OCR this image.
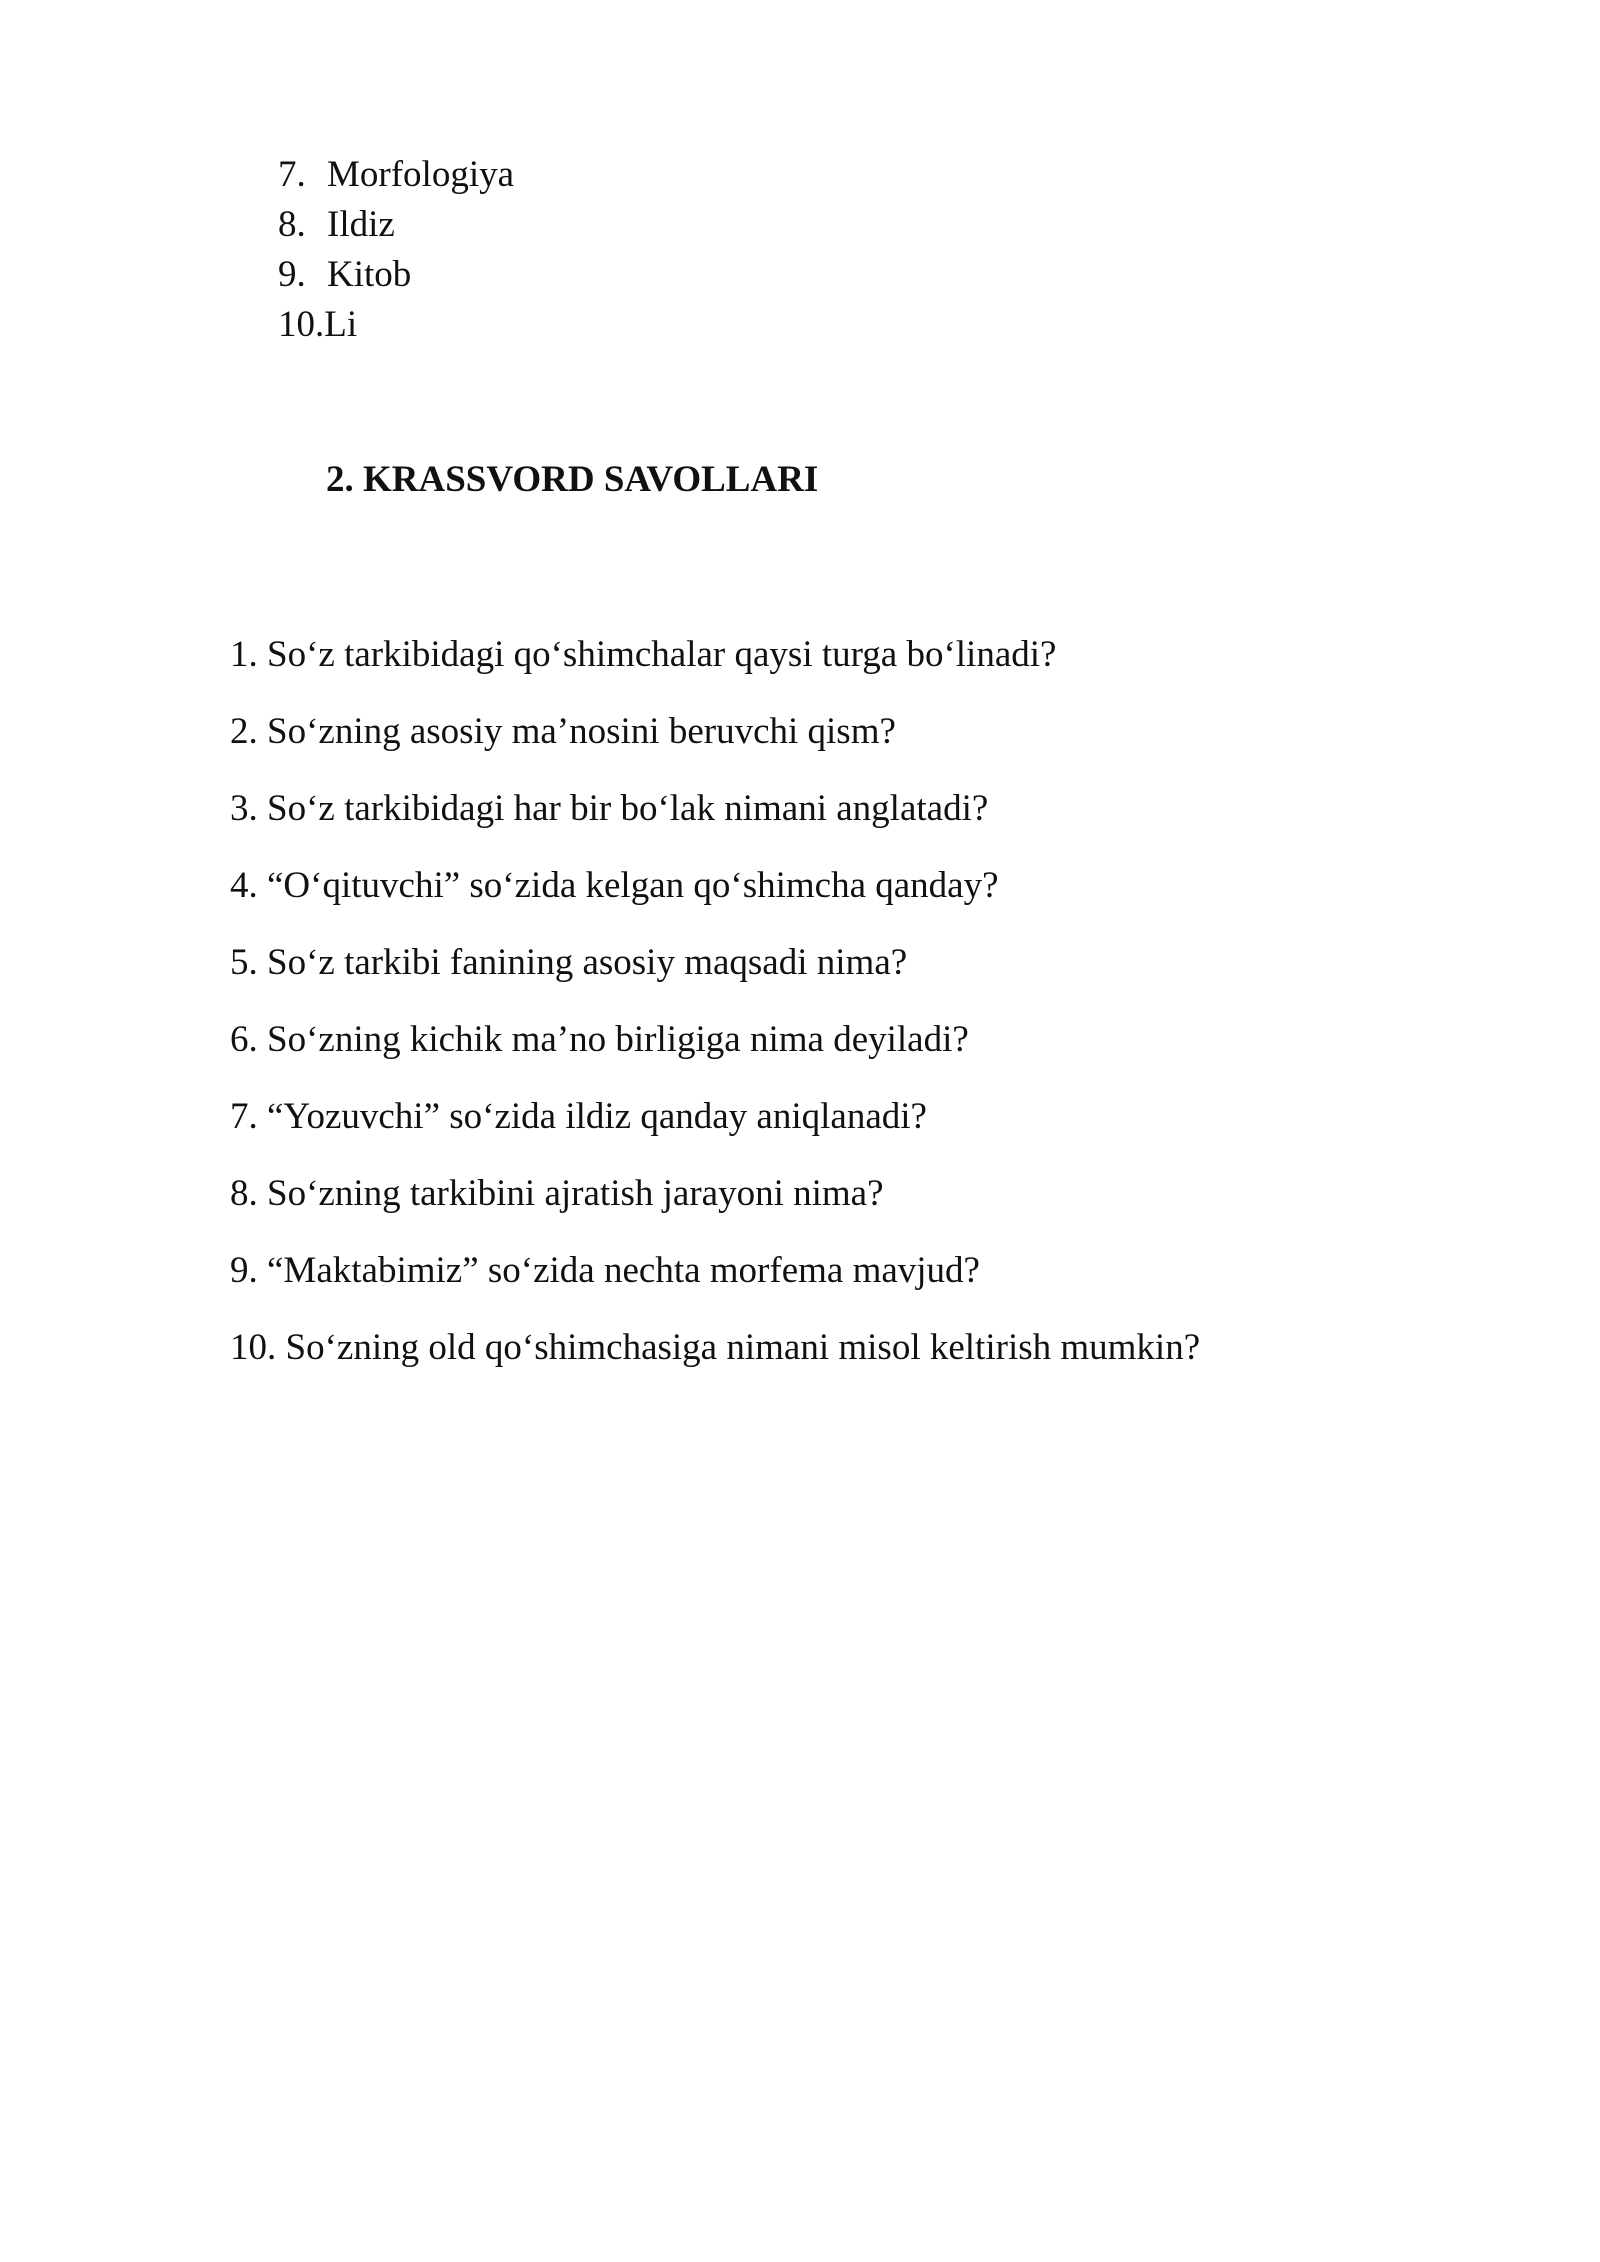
7. Morfologiya
8. Ildiz
9. Kitob
10.Li
2. KRASSVORD SAVOLLARI
1. So‘z tarkibidagi qo‘shimchalar qaysi turga bo‘linadi?
2. So‘zning asosiy ma’nosini beruvchi qism?
3. So‘z tarkibidagi har bir bo‘lak nimani anglatadi?
4. “O‘qituvchi” so‘zida kelgan qo‘shimcha qanday?
5. So‘z tarkibi fanining asosiy maqsadi nima?
6. So‘zning kichik ma’no birligiga nima deyiladi?
7. “Yozuvchi” so‘zida ildiz qanday aniqlanadi?
8. So‘zning tarkibini ajratish jarayoni nima?
9. “Maktabimiz” so‘zida nechta morfema mavjud?
10. So‘zning old qo‘shimchasiga nimani misol keltirish mumkin?
